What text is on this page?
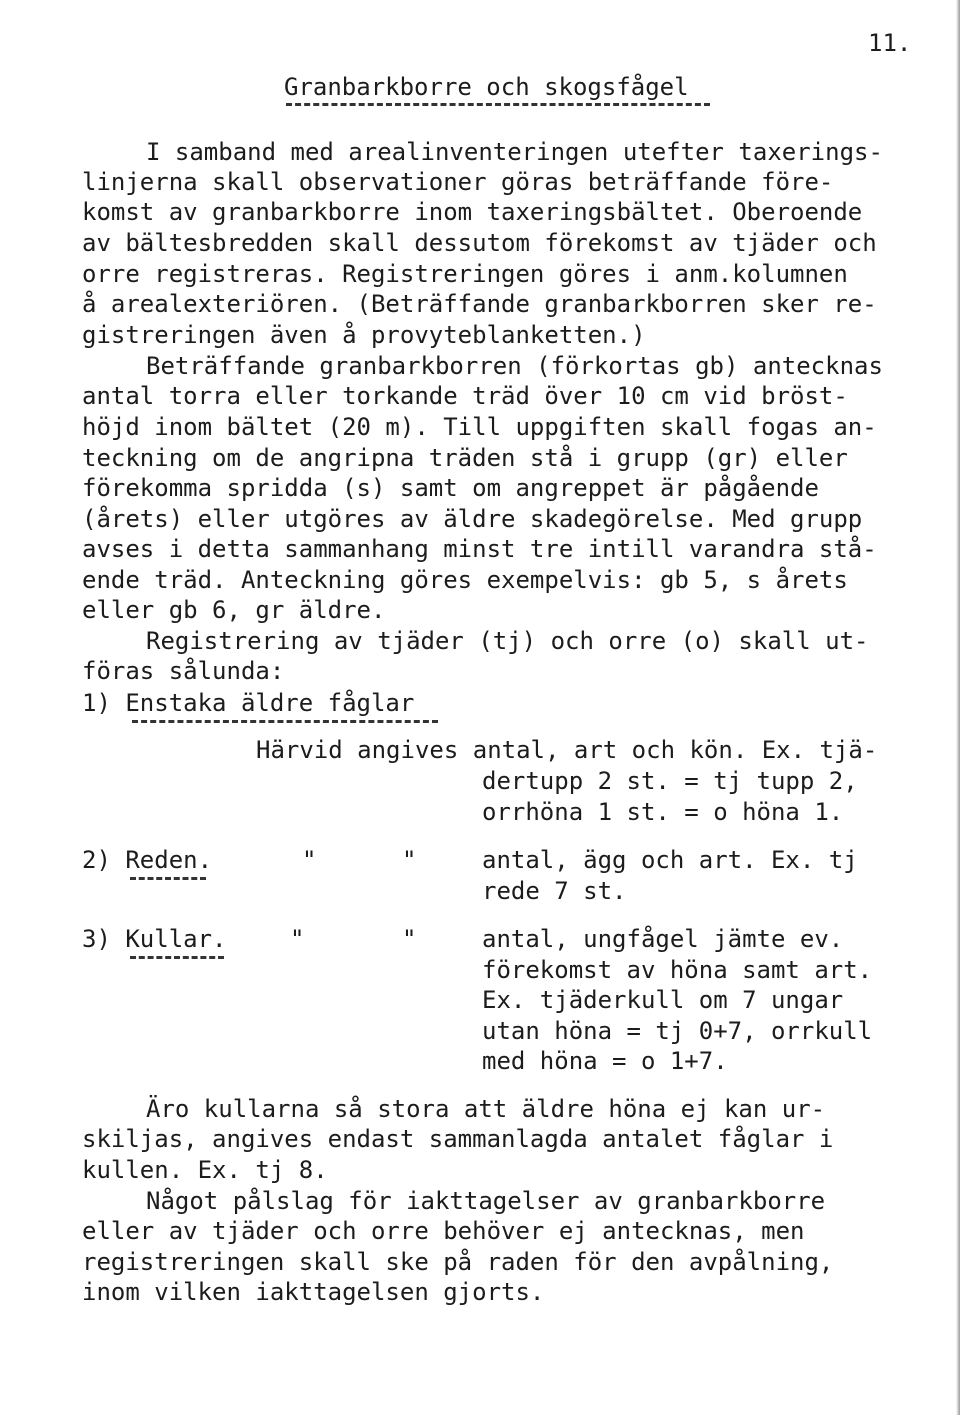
11.
Granbarkborre och skogsfågel
I samband med arealinventeringen utefter taxerings-
linjerna skall observationer göras beträffande före-
komst av granbarkborre inom taxeringsbältet. Oberoende
av bältesbredden skall dessutom förekomst av tjäder och
orre registreras. Registreringen göres i anm.kolumnen
å arealexteriören. (Beträffande granbarkborren sker re-
gistreringen även å provyteblanketten.)
Beträffande granbarkborren (förkortas gb) antecknas
antal torra eller torkande träd över 10 cm vid bröst-
höjd inom bältet (20 m). Till uppgiften skall fogas an-
teckning om de angripna träden stå i grupp (gr) eller
förekomma spridda (s) samt om angreppet är pågående
(årets) eller utgöres av äldre skadegörelse. Med grupp
avses i detta sammanhang minst tre intill varandra stå-
ende träd. Anteckning göres exempelvis: gb 5, s årets
eller gb 6, gr äldre.
Registrering av tjäder (tj) och orre (o) skall ut-
föras sålunda:
1) Enstaka äldre fåglar
Härvid angives antal, art och kön. Ex. tjä-
dertupp 2 st. = tj tupp 2,
orrhöna 1 st. = o höna 1.
2) Reden.	"	"	antal, ägg och art. Ex. tj
rede 7 st.
3) Kullar.	"	"	antal, ungfågel jämte ev.
förekomst av höna samt art.
Ex. tjäderkull om 7 ungar
utan höna = tj 0+7, orrkull
med höna = o 1+7.
Äro kullarna så stora att äldre höna ej kan ur-
skiljas, angives endast sammanlagda antalet fåglar i
kullen. Ex. tj 8.
Något pålslag för iakttagelser av granbarkborre
eller av tjäder och orre behöver ej antecknas, men
registreringen skall ske på raden för den avpålning,
inom vilken iakttagelsen gjorts.
